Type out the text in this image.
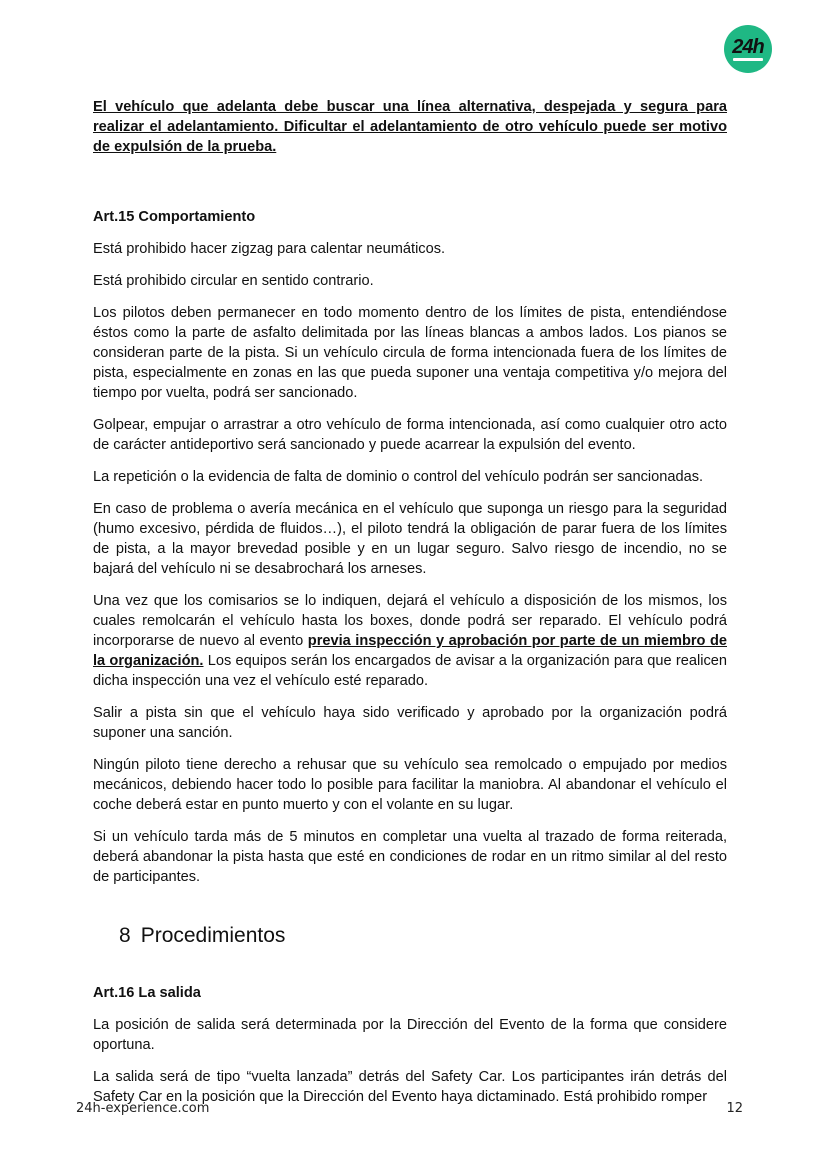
24h

El vehículo que adelanta debe buscar una línea alternativa, despejada y segura para realizar el adelantamiento. Dificultar el adelantamiento de otro vehículo puede ser motivo de expulsión de la prueba.

Art.15 Comportamiento

Está prohibido hacer zigzag para calentar neumáticos.

Está prohibido circular en sentido contrario.

Los pilotos deben permanecer en todo momento dentro de los límites de pista, entendiéndose éstos como la parte de asfalto delimitada por las líneas blancas a ambos lados. Los pianos se consideran parte de la pista. Si un vehículo circula de forma intencionada fuera de los límites de pista, especialmente en zonas en las que pueda suponer una ventaja competitiva y/o mejora del tiempo por vuelta, podrá ser sancionado.

Golpear, empujar o arrastrar a otro vehículo de forma intencionada, así como cualquier otro acto de carácter antideportivo será sancionado y puede acarrear la expulsión del evento.

La repetición o la evidencia de falta de dominio o control del vehículo podrán ser sancionadas.

En caso de problema o avería mecánica en el vehículo que suponga un riesgo para la seguridad (humo excesivo, pérdida de fluidos…), el piloto tendrá la obligación de parar fuera de los límites de pista, a la mayor brevedad posible y en un lugar seguro. Salvo riesgo de incendio, no se bajará del vehículo ni se desabrochará los arneses.

Una vez que los comisarios se lo indiquen, dejará el vehículo a disposición de los mismos, los cuales remolcarán el vehículo hasta los boxes, donde podrá ser reparado. El vehículo podrá incorporarse de nuevo al evento previa inspección y aprobación por parte de un miembro de la organización. Los equipos serán los encargados de avisar a la organización para que realicen dicha inspección una vez el vehículo esté reparado.

Salir a pista sin que el vehículo haya sido verificado y aprobado por la organización podrá suponer una sanción.

Ningún piloto tiene derecho a rehusar que su vehículo sea remolcado o empujado por medios mecánicos, debiendo hacer todo lo posible para facilitar la maniobra. Al abandonar el vehículo el coche deberá estar en punto muerto y con el volante en su lugar.

Si un vehículo tarda más de 5 minutos en completar una vuelta al trazado de forma reiterada, deberá abandonar la pista hasta que esté en condiciones de rodar en un ritmo similar al del resto de participantes.

8 Procedimientos
Art.16 La salida

La posición de salida será determinada por la Dirección del Evento de la forma que considere oportuna.

La salida será de tipo “vuelta lanzada” detrás del Safety Car. Los participantes irán detrás del Safety Car en la posición que la Dirección del Evento haya dictaminado. Está prohibido romper

24h-experience.com	12
